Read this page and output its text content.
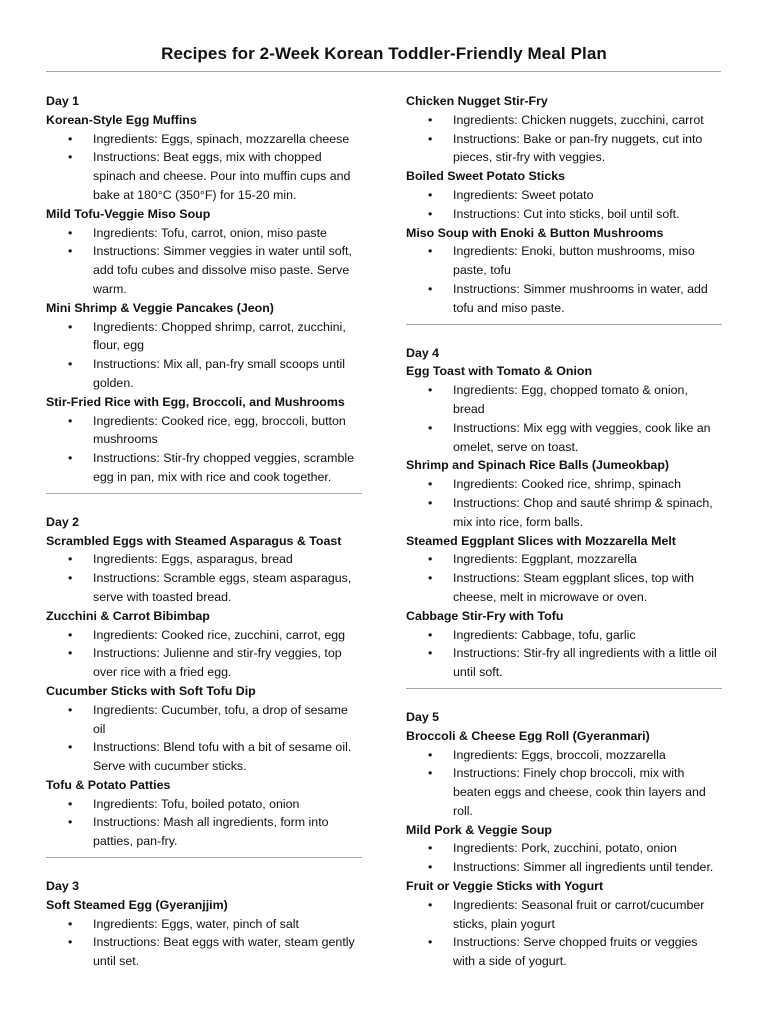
Recipes for 2-Week Korean Toddler-Friendly Meal Plan
Day 1
Korean-Style Egg Muffins
• Ingredients: Eggs, spinach, mozzarella cheese
• Instructions: Beat eggs, mix with chopped spinach and cheese. Pour into muffin cups and bake at 180°C (350°F) for 15-20 min.
Mild Tofu-Veggie Miso Soup
• Ingredients: Tofu, carrot, onion, miso paste
• Instructions: Simmer veggies in water until soft, add tofu cubes and dissolve miso paste. Serve warm.
Mini Shrimp & Veggie Pancakes (Jeon)
• Ingredients: Chopped shrimp, carrot, zucchini, flour, egg
• Instructions: Mix all, pan-fry small scoops until golden.
Stir-Fried Rice with Egg, Broccoli, and Mushrooms
• Ingredients: Cooked rice, egg, broccoli, button mushrooms
• Instructions: Stir-fry chopped veggies, scramble egg in pan, mix with rice and cook together.
Day 2
Scrambled Eggs with Steamed Asparagus & Toast
• Ingredients: Eggs, asparagus, bread
• Instructions: Scramble eggs, steam asparagus, serve with toasted bread.
Zucchini & Carrot Bibimbap
• Ingredients: Cooked rice, zucchini, carrot, egg
• Instructions: Julienne and stir-fry veggies, top over rice with a fried egg.
Cucumber Sticks with Soft Tofu Dip
• Ingredients: Cucumber, tofu, a drop of sesame oil
• Instructions: Blend tofu with a bit of sesame oil. Serve with cucumber sticks.
Tofu & Potato Patties
• Ingredients: Tofu, boiled potato, onion
• Instructions: Mash all ingredients, form into patties, pan-fry.
Day 3
Soft Steamed Egg (Gyeranjjim)
• Ingredients: Eggs, water, pinch of salt
• Instructions: Beat eggs with water, steam gently until set.
Chicken Nugget Stir-Fry
• Ingredients: Chicken nuggets, zucchini, carrot
• Instructions: Bake or pan-fry nuggets, cut into pieces, stir-fry with veggies.
Boiled Sweet Potato Sticks
• Ingredients: Sweet potato
• Instructions: Cut into sticks, boil until soft.
Miso Soup with Enoki & Button Mushrooms
• Ingredients: Enoki, button mushrooms, miso paste, tofu
• Instructions: Simmer mushrooms in water, add tofu and miso paste.
Day 4
Egg Toast with Tomato & Onion
• Ingredients: Egg, chopped tomato & onion, bread
• Instructions: Mix egg with veggies, cook like an omelet, serve on toast.
Shrimp and Spinach Rice Balls (Jumeokbap)
• Ingredients: Cooked rice, shrimp, spinach
• Instructions: Chop and sauté shrimp & spinach, mix into rice, form balls.
Steamed Eggplant Slices with Mozzarella Melt
• Ingredients: Eggplant, mozzarella
• Instructions: Steam eggplant slices, top with cheese, melt in microwave or oven.
Cabbage Stir-Fry with Tofu
• Ingredients: Cabbage, tofu, garlic
• Instructions: Stir-fry all ingredients with a little oil until soft.
Day 5
Broccoli & Cheese Egg Roll (Gyeranmari)
• Ingredients: Eggs, broccoli, mozzarella
• Instructions: Finely chop broccoli, mix with beaten eggs and cheese, cook thin layers and roll.
Mild Pork & Veggie Soup
• Ingredients: Pork, zucchini, potato, onion
• Instructions: Simmer all ingredients until tender.
Fruit or Veggie Sticks with Yogurt
• Ingredients: Seasonal fruit or carrot/cucumber sticks, plain yogurt
• Instructions: Serve chopped fruits or veggies with a side of yogurt.
